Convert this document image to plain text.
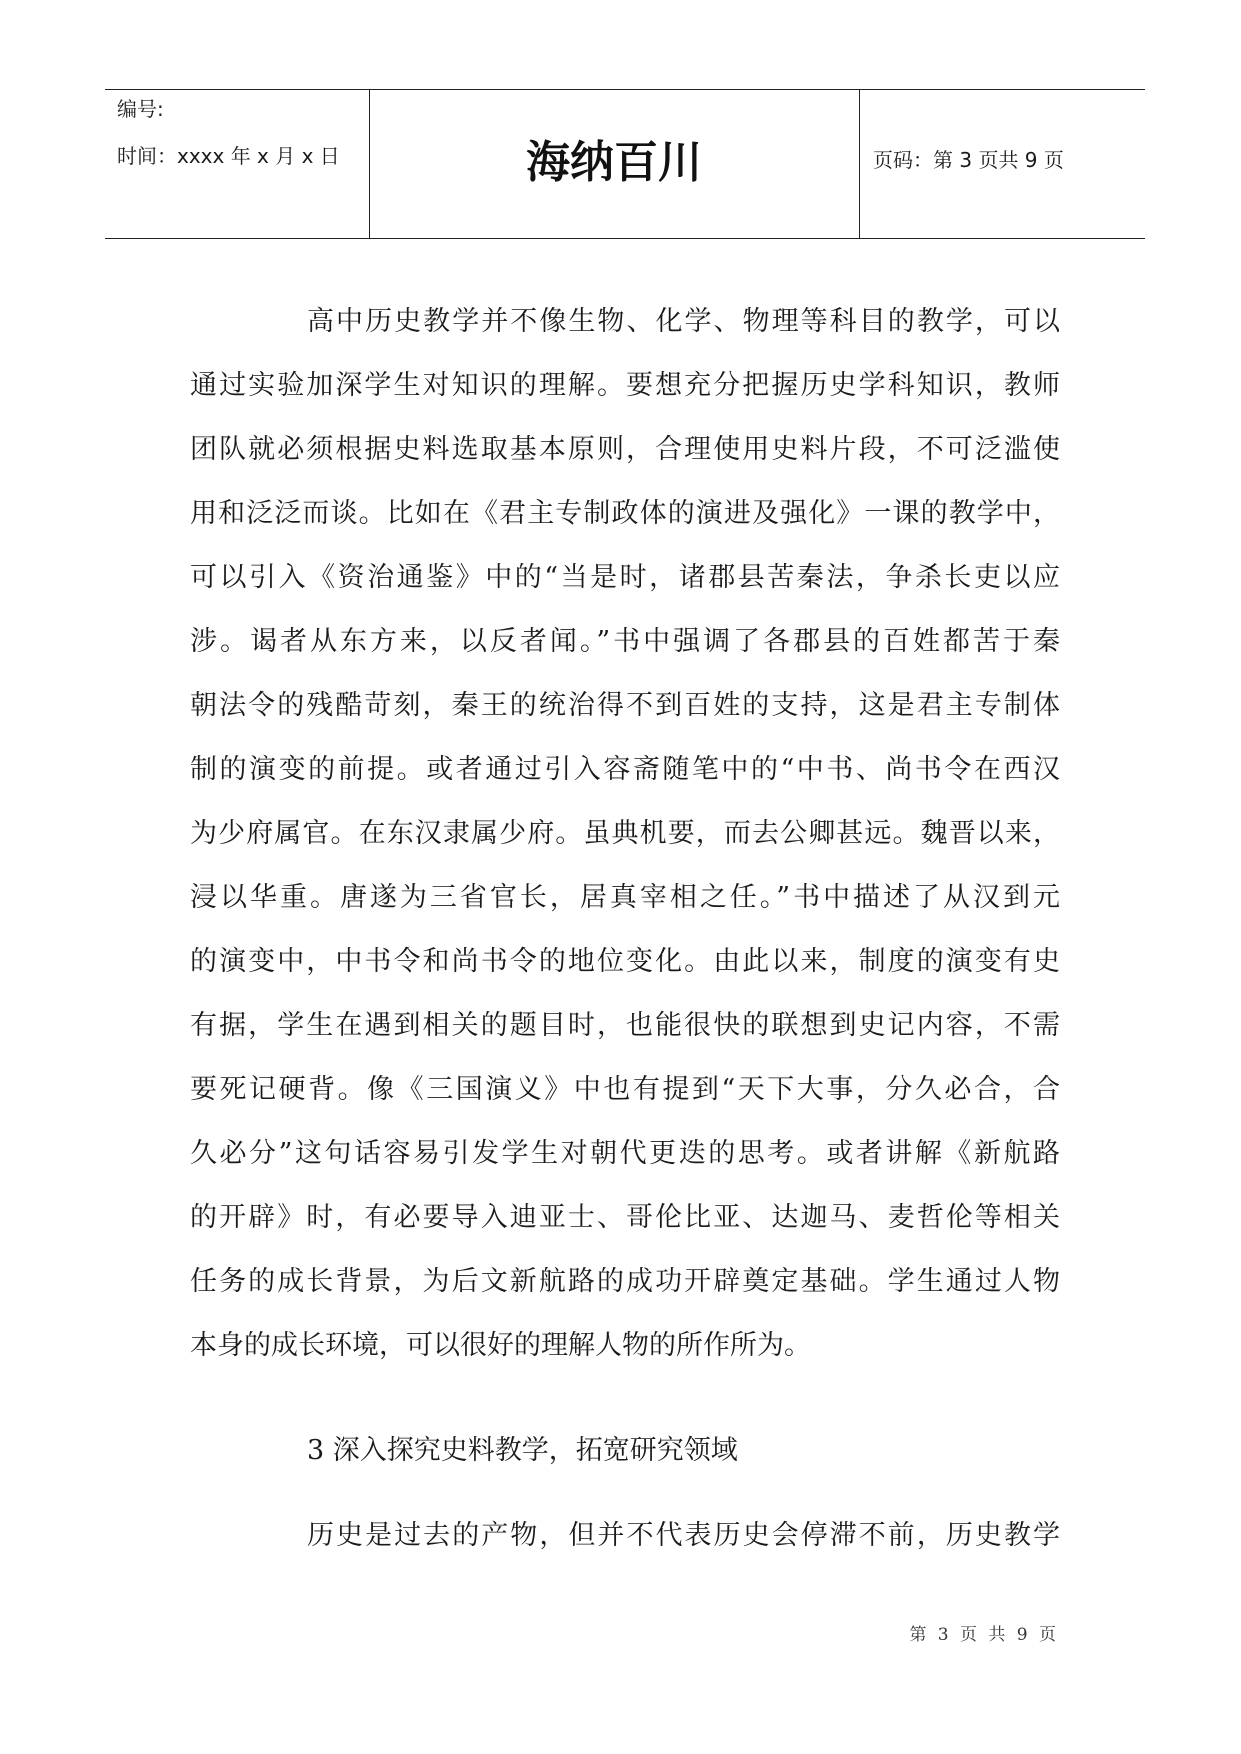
编号:
时间：xxxx 年 x 月 x 日	海纳百川	页码：第 3 页共 9 页
高中历史教学并不像生物、化学、物理等科目的教学，可以
通过实验加深学生对知识的理解。要想充分把握历史学科知识，教师
团队就必须根据史料选取基本原则，合理使用史料片段，不可泛滥使
用和泛泛而谈。比如在《君主专制政体的演进及强化》一课的教学中，
可以引入《资治通鉴》中的“当是时，诸郡县苦秦法，争杀长吏以应
涉。谒者从东方来，以反者闻。”书中强调了各郡县的百姓都苦于秦
朝法令的残酷苛刻，秦王的统治得不到百姓的支持，这是君主专制体
制的演变的前提。或者通过引入容斋随笔中的“中书、尚书令在西汉
为少府属官。在东汉隶属少府。虽典机要，而去公卿甚远。魏晋以来，
浸以华重。唐遂为三省官长，居真宰相之任。”书中描述了从汉到元
的演变中，中书令和尚书令的地位变化。由此以来，制度的演变有史
有据，学生在遇到相关的题目时，也能很快的联想到史记内容，不需
要死记硬背。像《三国演义》中也有提到“天下大事，分久必合，合
久必分”这句话容易引发学生对朝代更迭的思考。或者讲解《新航路
的开辟》时，有必要导入迪亚士、哥伦比亚、达迦马、麦哲伦等相关
任务的成长背景，为后文新航路的成功开辟奠定基础。学生通过人物
本身的成长环境，可以很好的理解人物的所作所为。
3 深入探究史料教学，拓宽研究领域
历史是过去的产物，但并不代表历史会停滞不前，历史教学
第 3 页 共 9 页
